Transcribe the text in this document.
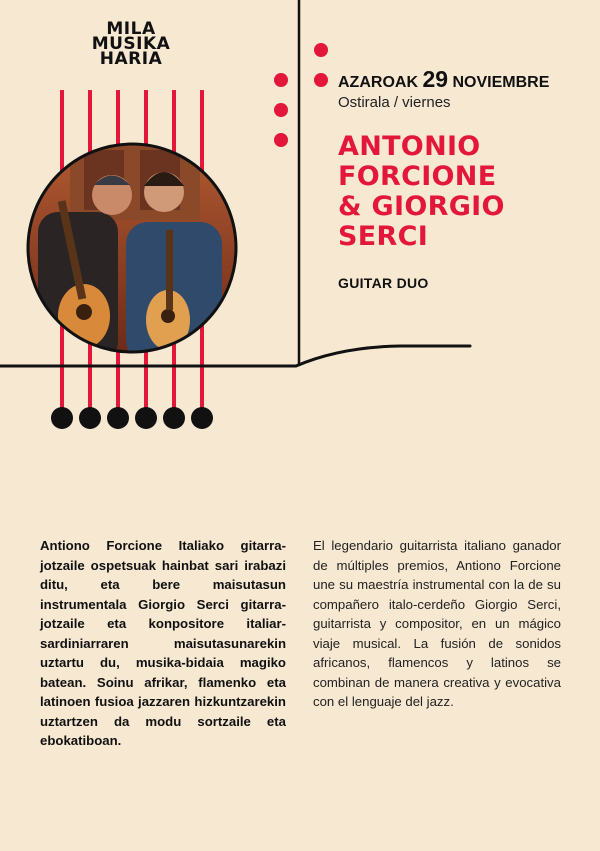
MILA
MUSIKA
HARIA
AZAROAK 29 NOVIEMBRE
Ostirala / viernes
ANTONIO
FORCIONE
& GIORGIO
SERCI
GUITAR DUO
Antiono Forcione Italiako gitarra-jotzaile ospetsuak hainbat sari irabazi ditu, eta bere maisutasun instrumentala Giorgio Serci gitarra-jotzaile eta konpositore italiar-sardiniarraren maisutasunarekin uztartu du, musika-bidaia magiko batean. Soinu afrikar, flamenko eta latinoen fusioa jazzaren hizkuntzarekin uztartzen da modu sortzaile eta ebokatiboan.
El legendario guitarrista italiano ganador de múltiples premios, Antiono Forcione une su maestría instrumental con la de su compañero italo-cerdeño Giorgio Serci, guitarrista y compositor, en un mágico viaje musical. La fusión de sonidos africanos, flamencos y latinos se combinan de manera creativa y evocativa con el lenguaje del jazz.
